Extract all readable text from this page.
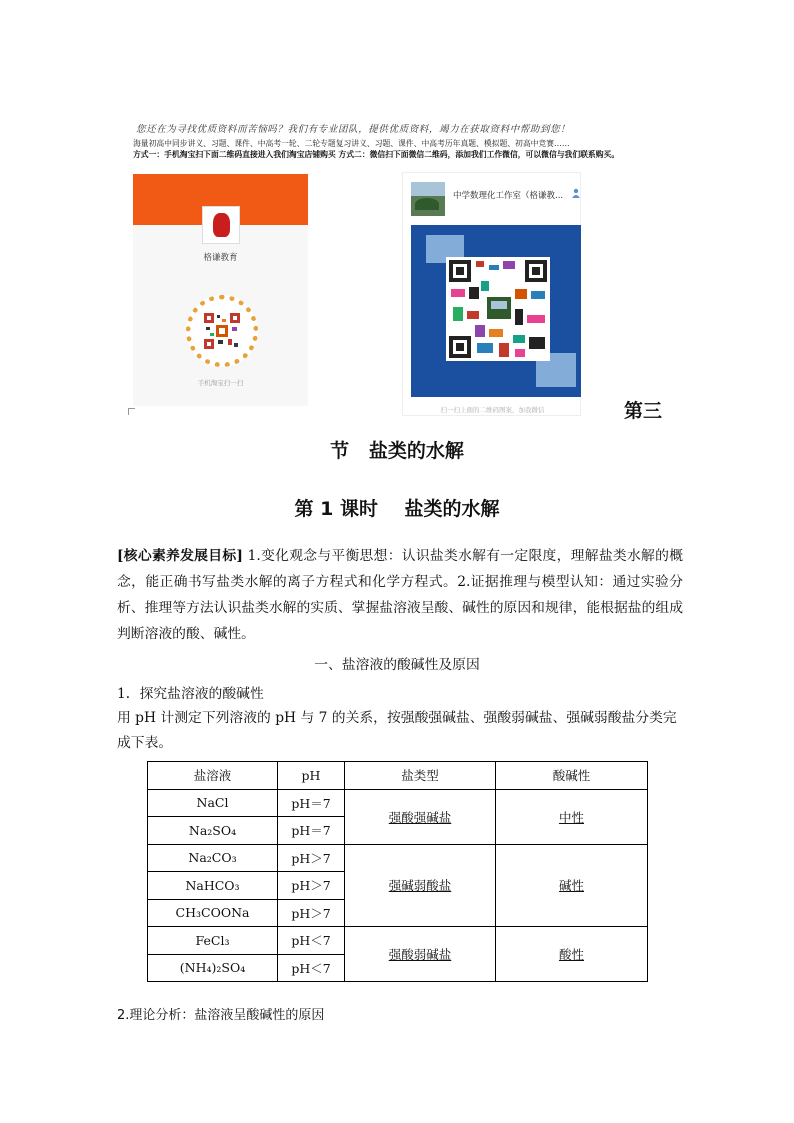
您还在为寻找优质资料而苦恼吗？我们有专业团队，提供优质资料，竭力在获取资料中帮助到您！
海量初高中同步讲义、习题、课件、中高考一轮、二轮专题复习讲义、习题、课件、中高考历年真题、模拟题、初高中竞赛……
方式一：手机淘宝扫下面二维码直接进入我们淘宝店铺购买 方式二：微信扫下面微信二维码，添加我们工作微信，可以微信与我们联系购买。
格谦教育
手机淘宝扫一扫
中学数理化工作室（格谦教...
扫一扫上面的二维码图案，加我微信	第三
节   盐类的水解
第 1 课时    盐类的水解
[核心素养发展目标] 1.变化观念与平衡思想：认识盐类水解有一定限度，理解盐类水解的概念，能正确书写盐类水解的离子方程式和化学方程式。2.证据推理与模型认知：通过实验分析、推理等方法认识盐类水解的实质、掌握盐溶液呈酸、碱性的原因和规律，能根据盐的组成判断溶液的酸、碱性。
一、盐溶液的酸碱性及原因
1．探究盐溶液的酸碱性
用 pH 计测定下列溶液的 pH 与 7 的关系，按强酸强碱盐、强酸弱碱盐、强碱弱酸盐分类完成下表。
盐溶液	pH	盐类型	酸碱性
NaCl	pH＝7	强酸强碱盐	中性
Na₂SO₄	pH＝7		
Na₂CO₃	pH＞7	强碱弱酸盐	碱性
NaHCO₃	pH＞7		
CH₃COONa	pH＞7		
FeCl₃	pH＜7	强酸弱碱盐	酸性
(NH₄)₂SO₄	pH＜7		
2.理论分析：盐溶液呈酸碱性的原因
